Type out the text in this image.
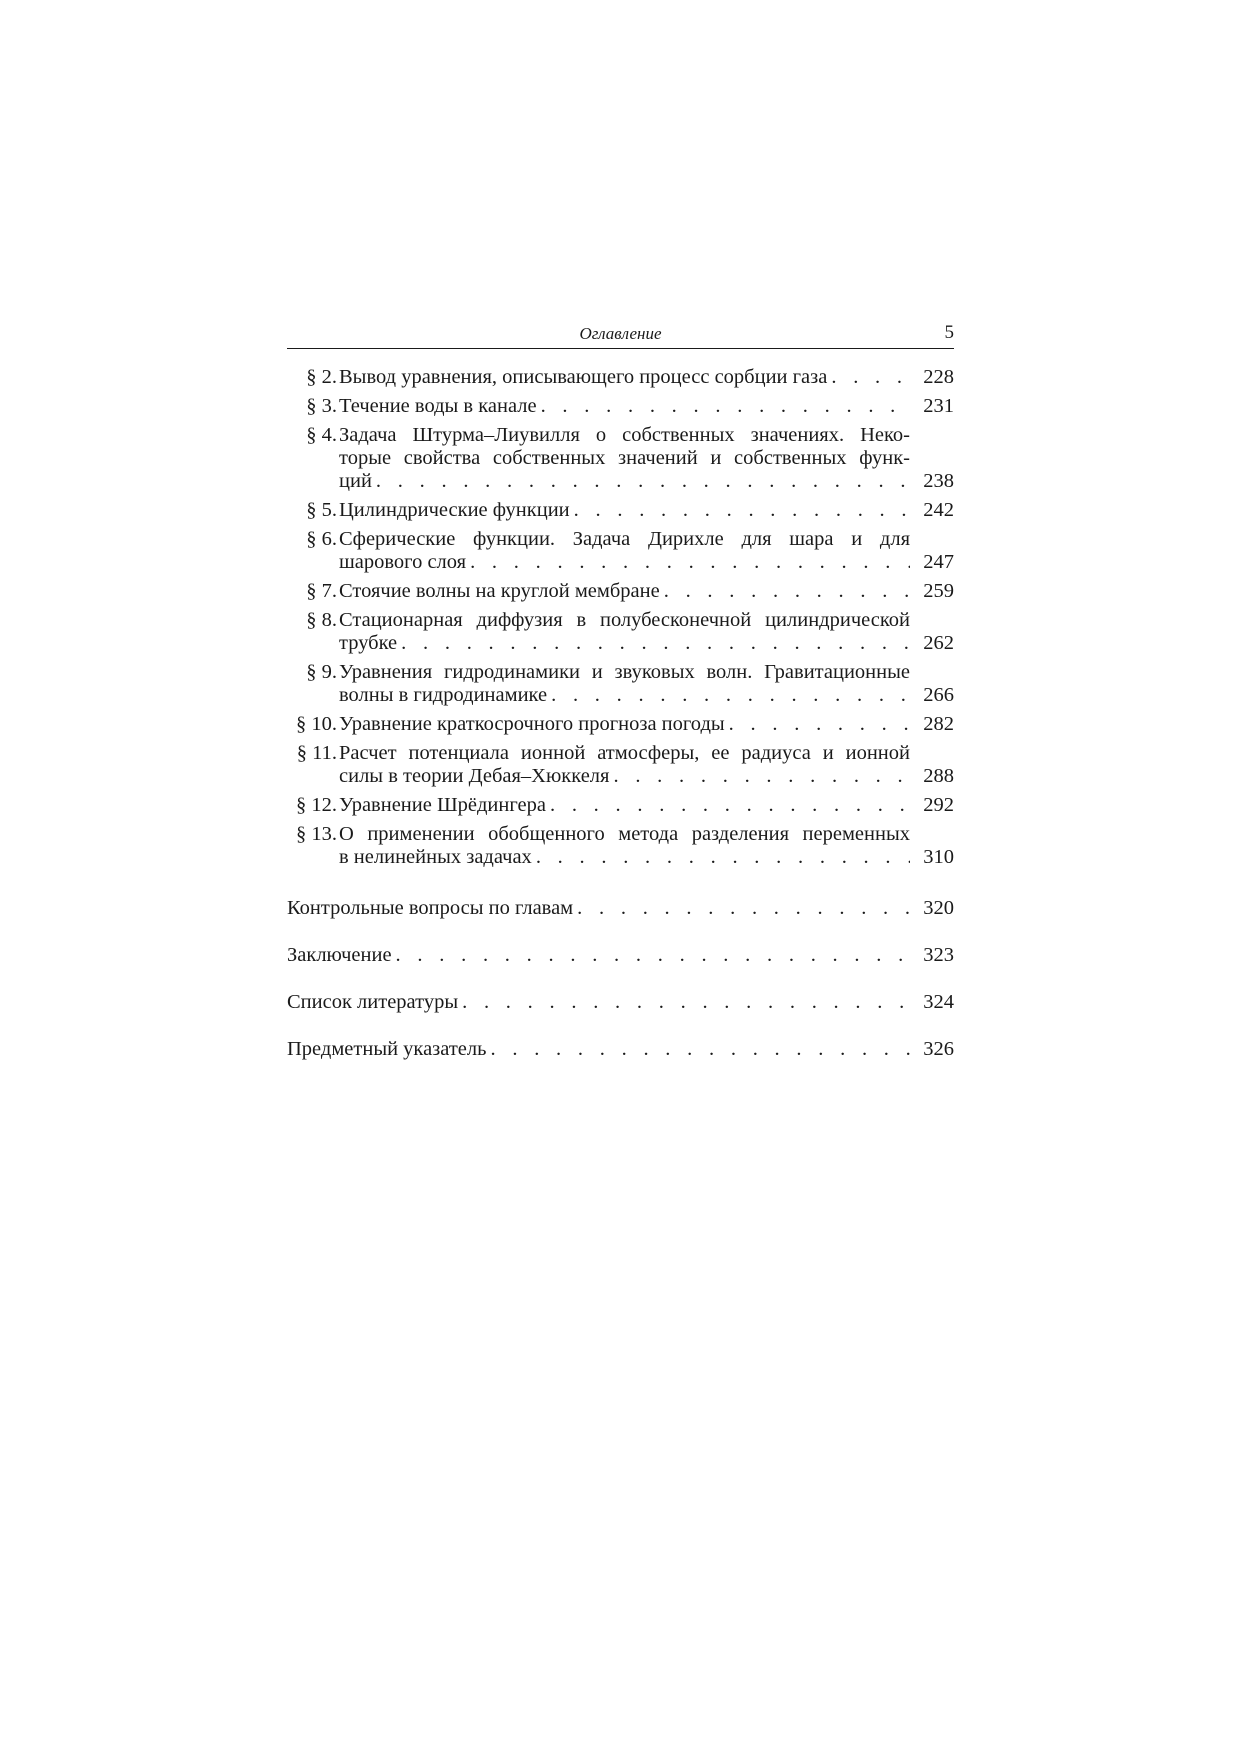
Оглавление	5
§ 2. Вывод уравнения, описывающего процесс сорбции газа . . .	228
§ 3. Течение воды в канале . . .	231
§ 4. Задача Штурма–Лиувилля о собственных значениях. Неко-
торые свойства собственных значений и собственных функ-
ций . . .	238
§ 5. Цилиндрические функции . . .	242
§ 6. Сферические функции. Задача Дирихле для шара и для
шарового слоя . . .	247
§ 7. Стоячие волны на круглой мембране . . .	259
§ 8. Стационарная диффузия в полубесконечной цилиндрической
трубке . . .	262
§ 9. Уравнения гидродинамики и звуковых волн. Гравитационные
волны в гидродинамике . . .	266
§ 10. Уравнение краткосрочного прогноза погоды . . .	282
§ 11. Расчет потенциала ионной атмосферы, ее радиуса и ионной
силы в теории Дебая–Хюккеля . . .	288
§ 12. Уравнение Шрёдингера . . .	292
§ 13. О применении обобщенного метода разделения переменных
в нелинейных задачах . . .	310
Контрольные вопросы по главам . . .	320
Заключение . . .	323
Список литературы . . .	324
Предметный указатель . . .	326
